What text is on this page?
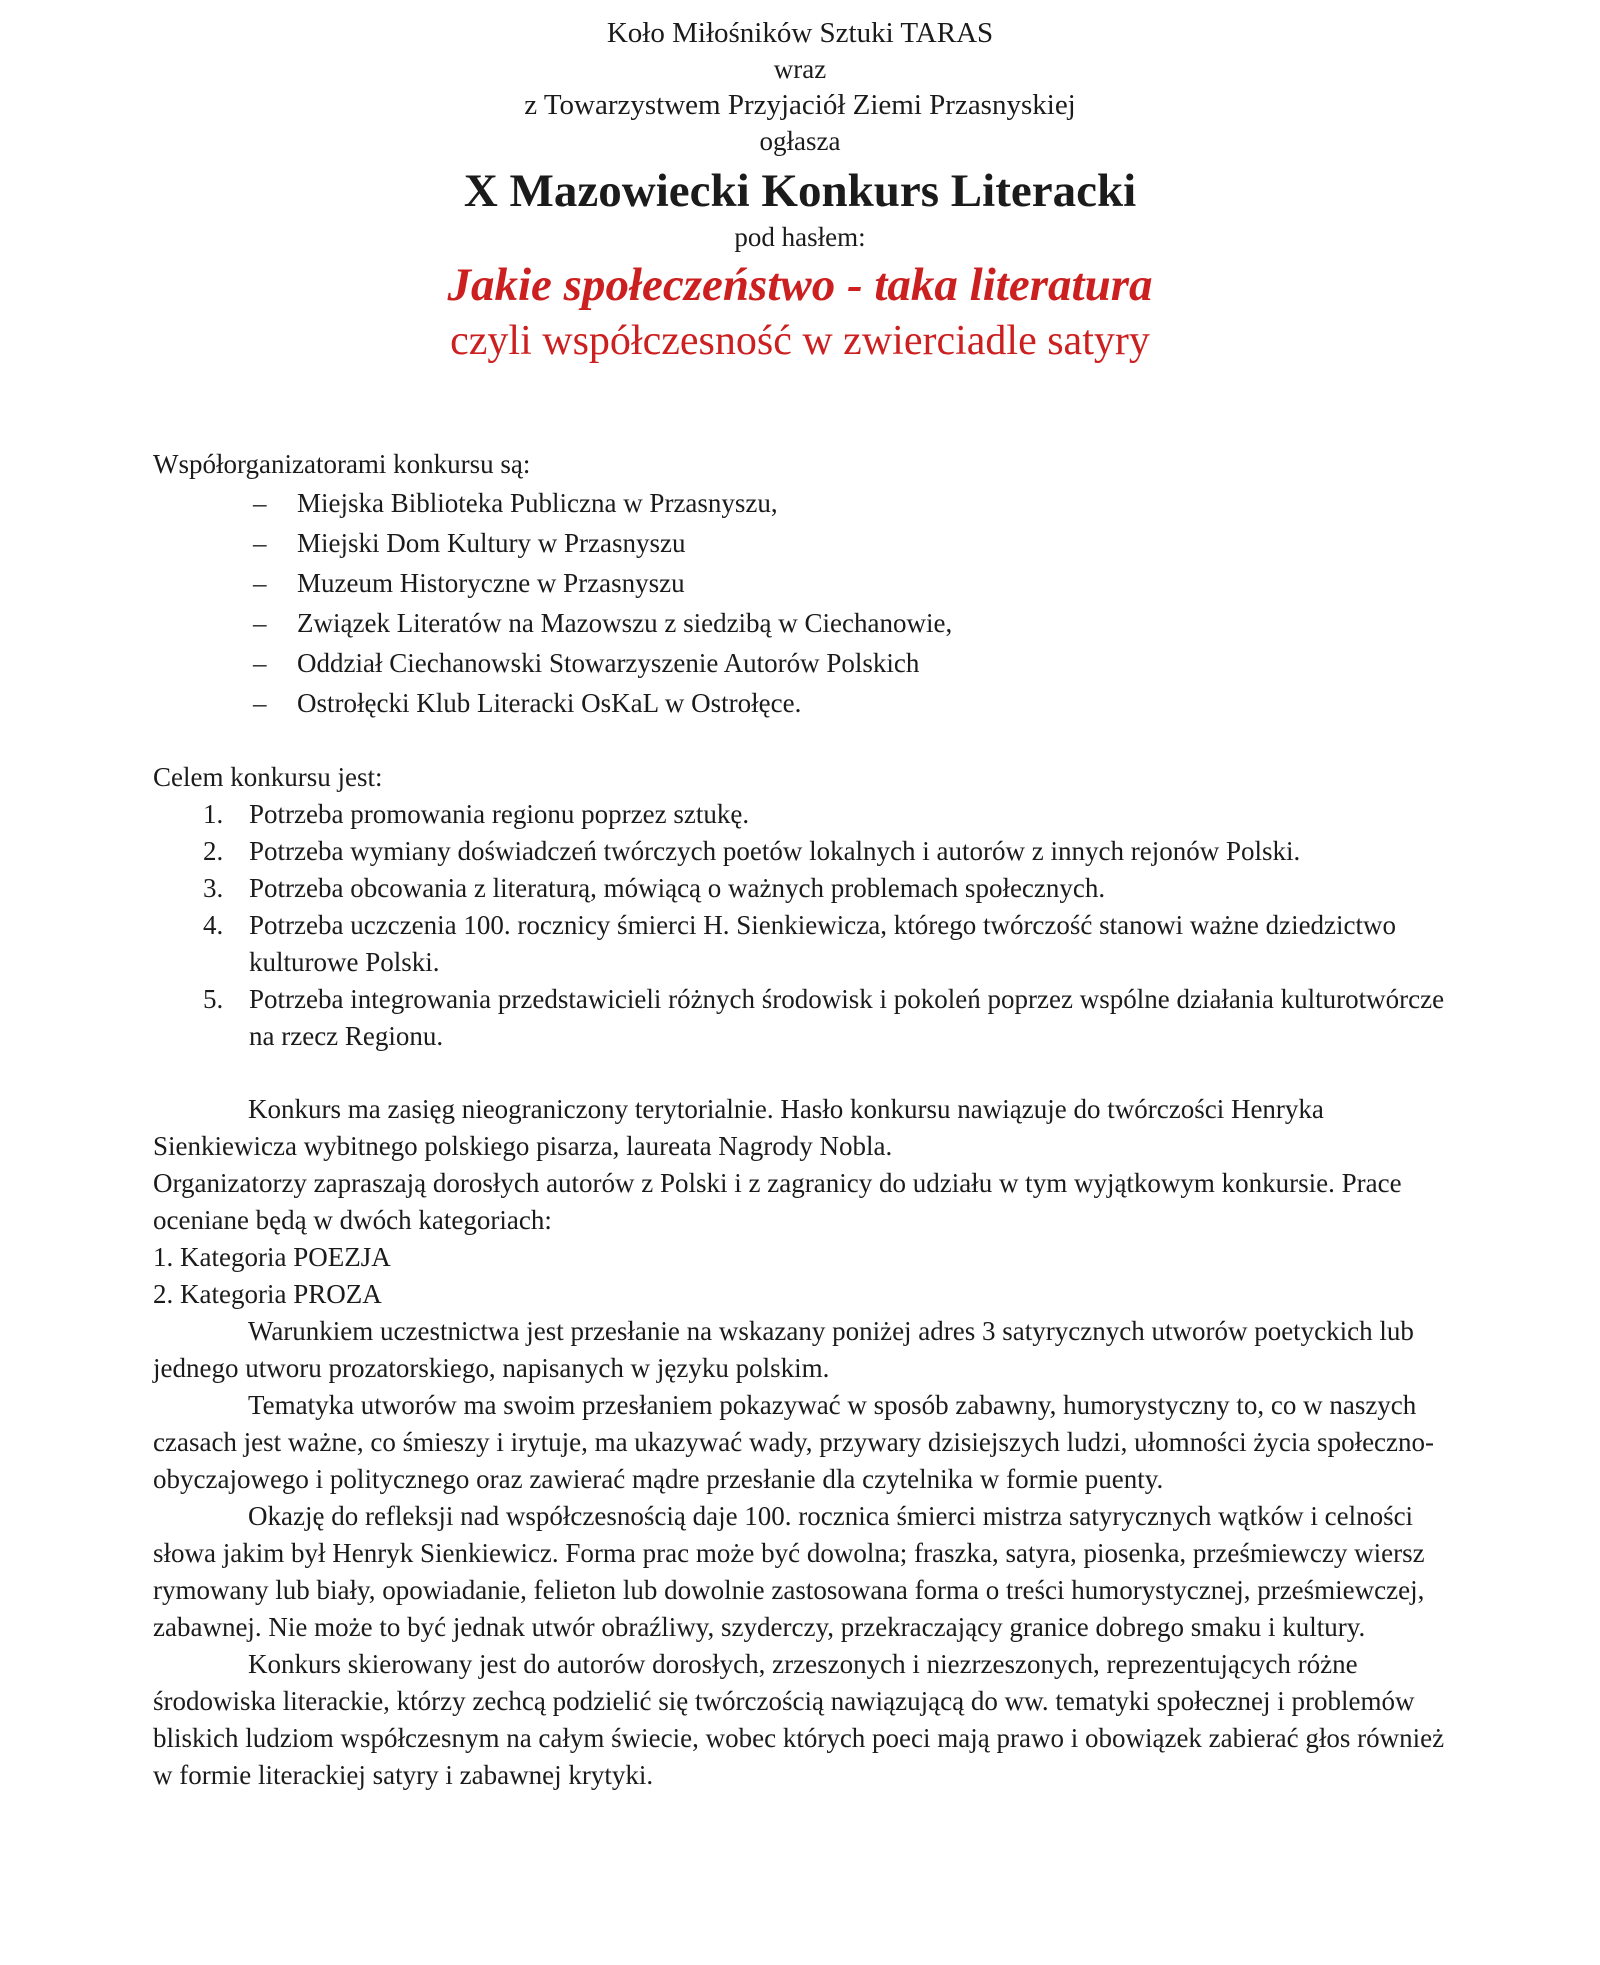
Koło Miłośników Sztuki TARAS
wraz
z Towarzystwem Przyjaciół Ziemi Przasnyskiej
ogłasza
X Mazowiecki Konkurs Literacki
pod hasłem:
Jakie społeczeństwo - taka literatura
czyli współczesność w zwierciadle satyry
Współorganizatorami konkursu są:
– Miejska Biblioteka Publiczna w Przasnyszu,
– Miejski Dom Kultury w Przasnyszu
– Muzeum Historyczne w Przasnyszu
– Związek Literatów na Mazowszu z siedzibą w Ciechanowie,
– Oddział Ciechanowski Stowarzyszenie Autorów Polskich
– Ostrołęcki Klub Literacki OsKaL w Ostrołęce.
Celem konkursu jest:
1. Potrzeba promowania regionu poprzez sztukę.
2. Potrzeba wymiany doświadczeń twórczych poetów lokalnych i autorów z innych rejonów Polski.
3. Potrzeba obcowania z literaturą, mówiącą o ważnych problemach społecznych.
4. Potrzeba uczczenia 100. rocznicy śmierci H. Sienkiewicza, którego twórczość stanowi ważne dziedzictwo kulturowe Polski.
5. Potrzeba integrowania przedstawicieli różnych środowisk i pokoleń poprzez wspólne działania kulturotwórcze na rzecz Regionu.

Konkurs ma zasięg nieograniczony terytorialnie. Hasło konkursu nawiązuje do twórczości Henryka Sienkiewicza wybitnego polskiego pisarza, laureata Nagrody Nobla.

Organizatorzy zapraszają dorosłych autorów z Polski i z zagranicy do udziału w tym wyjątkowym konkursie. Prace oceniane będą w dwóch kategoriach:

1. Kategoria POEZJA

2. Kategoria PROZA

Warunkiem uczestnictwa jest przesłanie na wskazany poniżej adres 3 satyrycznych utworów poetyckich lub jednego utworu prozatorskiego, napisanych w języku polskim.

Tematyka utworów ma swoim przesłaniem pokazywać w sposób zabawny, humorystyczny to, co w naszych czasach jest ważne, co śmieszy i irytuje, ma ukazywać wady, przywary dzisiejszych ludzi, ułomności życia społeczno- obyczajowego i politycznego oraz zawierać mądre przesłanie dla czytelnika w formie puenty.

Okazję do refleksji nad współczesnością daje 100. rocznica śmierci mistrza satyrycznych wątków i celności słowa jakim był Henryk Sienkiewicz. Forma prac może być dowolna; fraszka, satyra, piosenka, prześmiewczy wiersz rymowany lub biały, opowiadanie, felieton lub dowolnie zastosowana forma o treści humorystycznej, prześmiewczej, zabawnej. Nie może to być jednak utwór obraźliwy, szyderczy, przekraczający granice dobrego smaku i kultury.

Konkurs skierowany jest do autorów dorosłych, zrzeszonych i niezrzeszonych, reprezentujących różne środowiska literackie, którzy zechcą podzielić się twórczością nawiązującą do ww. tematyki społecznej i problemów bliskich ludziom współczesnym na całym świecie, wobec których poeci mają prawo i obowiązek zabierać głos również w formie literackiej satyry i zabawnej krytyki.
